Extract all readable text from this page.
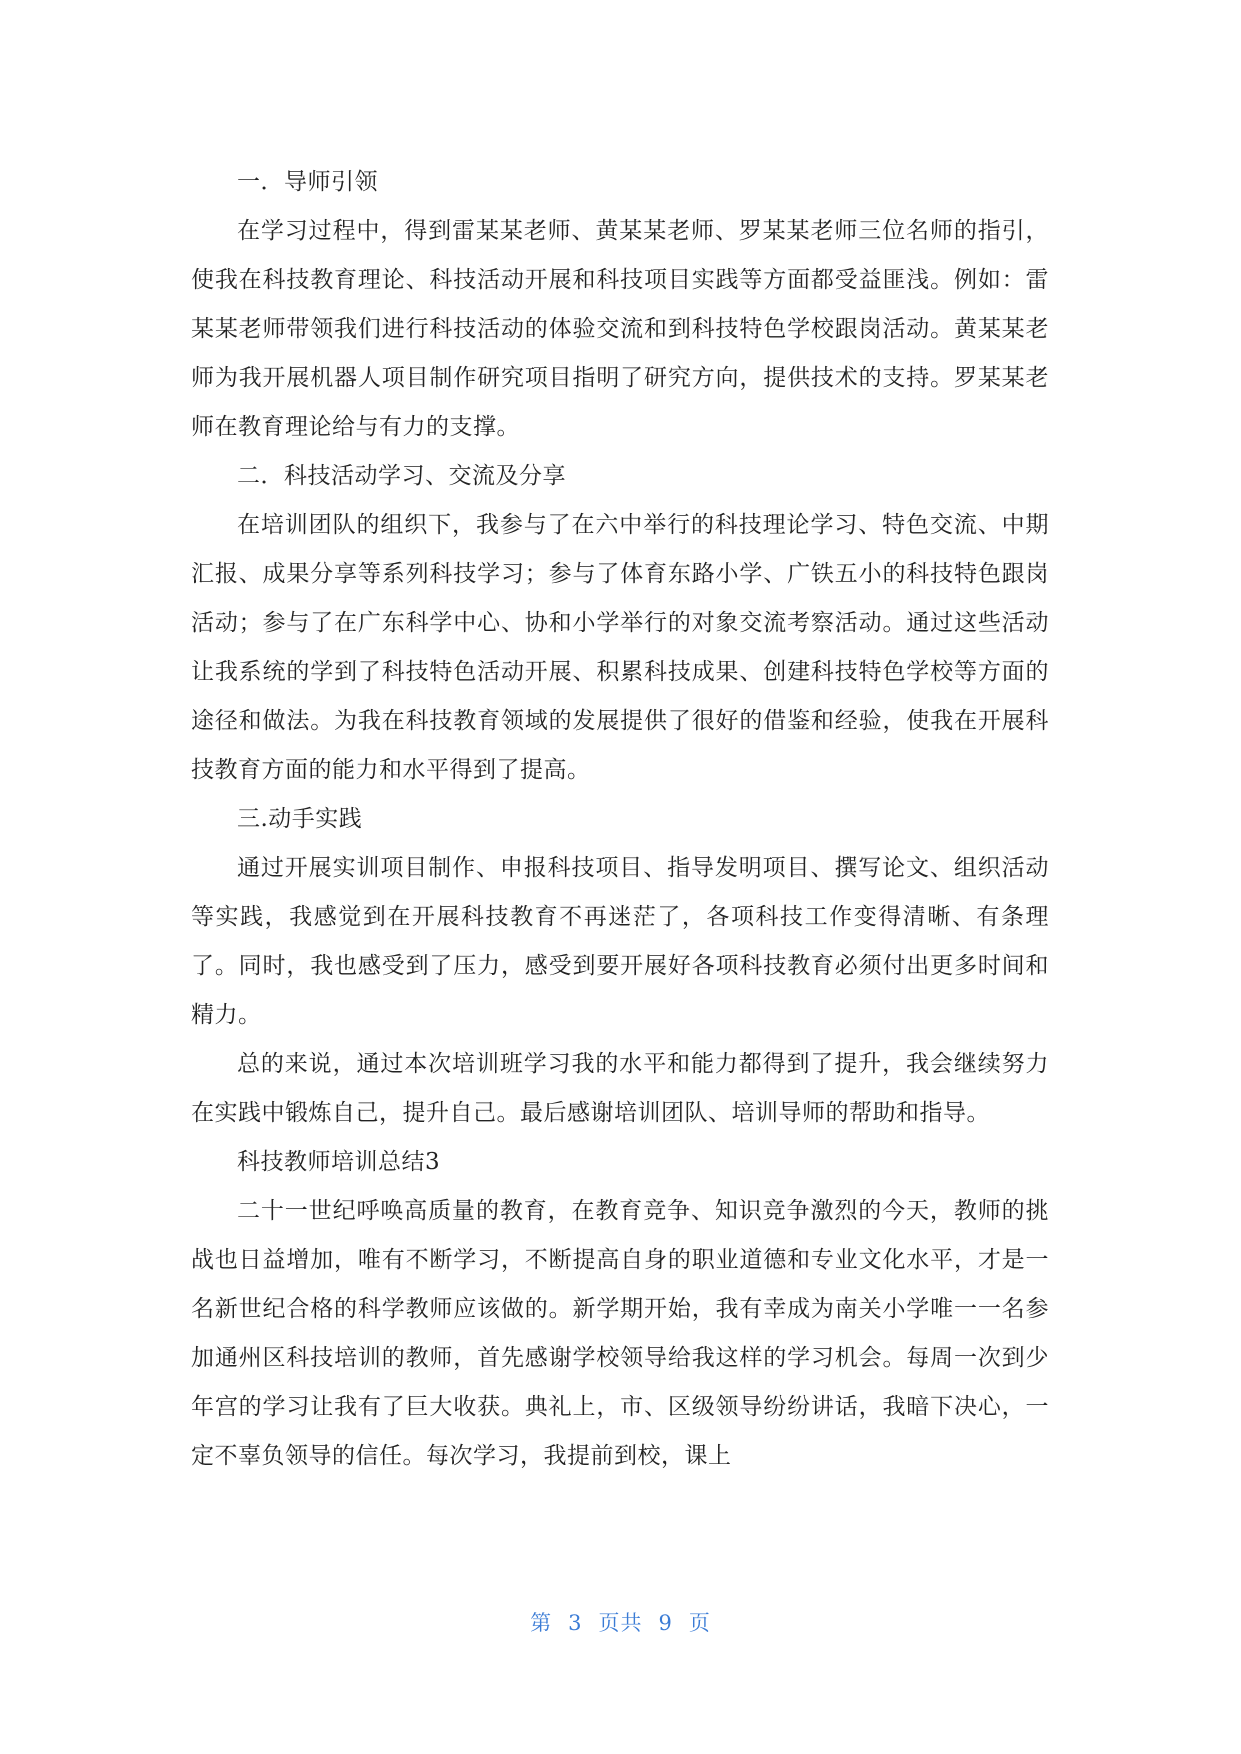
一．导师引领

在学习过程中，得到雷某某老师、黄某某老师、罗某某老师三位名师的指引，使我在科技教育理论、科技活动开展和科技项目实践等方面都受益匪浅。例如：雷某某老师带领我们进行科技活动的体验交流和到科技特色学校跟岗活动。黄某某老师为我开展机器人项目制作研究项目指明了研究方向，提供技术的支持。罗某某老师在教育理论给与有力的支撑。

二．科技活动学习、交流及分享

在培训团队的组织下，我参与了在六中举行的科技理论学习、特色交流、中期汇报、成果分享等系列科技学习；参与了体育东路小学、广铁五小的科技特色跟岗活动；参与了在广东科学中心、协和小学举行的对象交流考察活动。通过这些活动让我系统的学到了科技特色活动开展、积累科技成果、创建科技特色学校等方面的途径和做法。为我在科技教育领域的发展提供了很好的借鉴和经验，使我在开展科技教育方面的能力和水平得到了提高。

三.动手实践

通过开展实训项目制作、申报科技项目、指导发明项目、撰写论文、组织活动等实践，我感觉到在开展科技教育不再迷茫了，各项科技工作变得清晰、有条理了。同时，我也感受到了压力，感受到要开展好各项科技教育必须付出更多时间和精力。

总的来说，通过本次培训班学习我的水平和能力都得到了提升，我会继续努力在实践中锻炼自己，提升自己。最后感谢培训团队、培训导师的帮助和指导。

科技教师培训总结3

二十一世纪呼唤高质量的教育，在教育竞争、知识竞争激烈的今天，教师的挑战也日益增加，唯有不断学习，不断提高自身的职业道德和专业文化水平，才是一名新世纪合格的科学教师应该做的。新学期开始，我有幸成为南关小学唯一一名参加通州区科技培训的教师，首先感谢学校领导给我这样的学习机会。每周一次到少年宫的学习让我有了巨大收获。典礼上，市、区级领导纷纷讲话，我暗下决心，一定不辜负领导的信任。每次学习，我提前到校，课上

第 3 页共 9 页
